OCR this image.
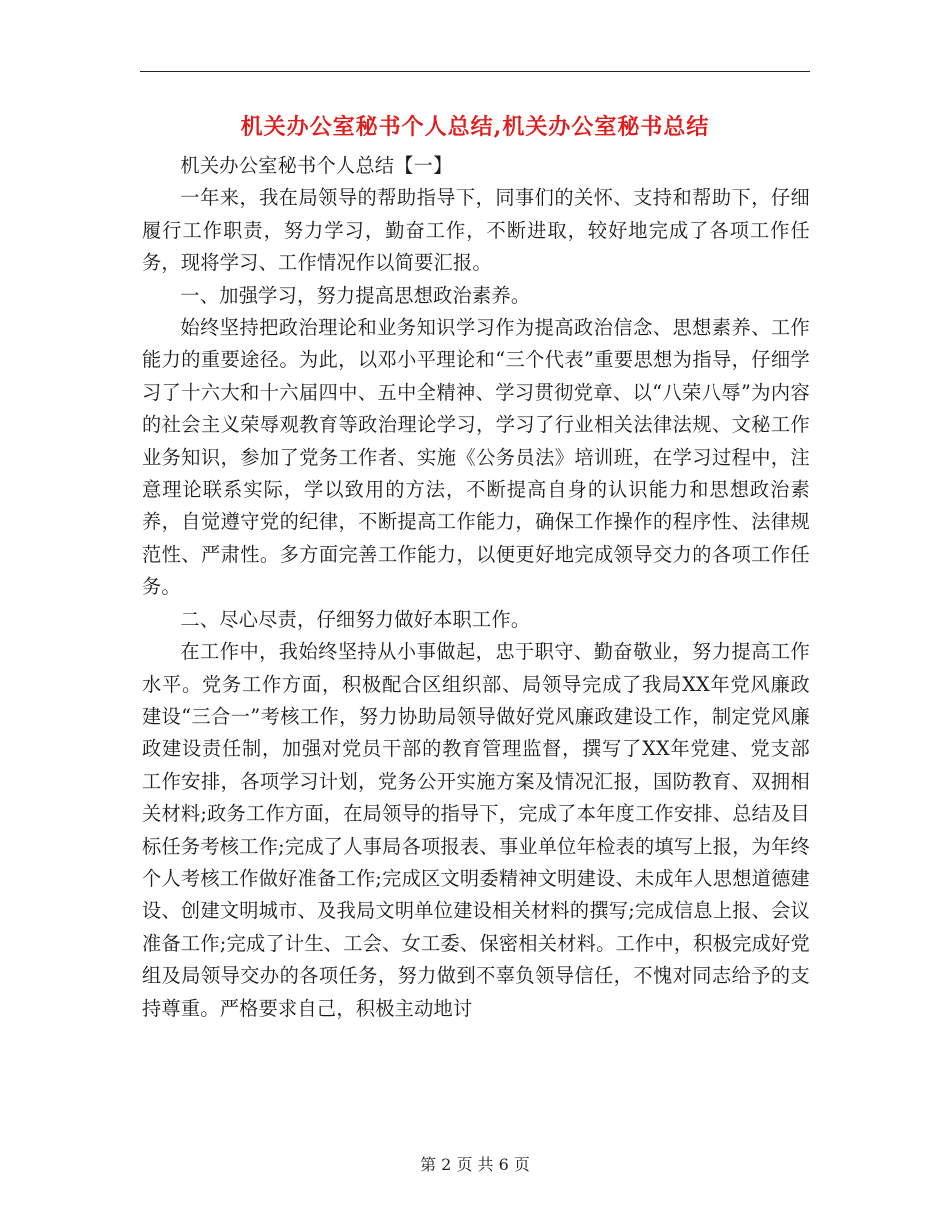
机关办公室秘书个人总结,机关办公室秘书总结

机关办公室秘书个人总结【一】

一年来，我在局领导的帮助指导下，同事们的关怀、支持和帮助下，仔细履行工作职责，努力学习，勤奋工作，不断进取，较好地完成了各项工作任务，现将学习、工作情况作以简要汇报。

一、加强学习，努力提高思想政治素养。

始终坚持把政治理论和业务知识学习作为提高政治信念、思想素养、工作能力的重要途径。为此，以邓小平理论和“三个代表”重要思想为指导，仔细学习了十六大和十六届四中、五中全精神、学习贯彻党章、以“八荣八辱”为内容的社会主义荣辱观教育等政治理论学习，学习了行业相关法律法规、文秘工作业务知识，参加了党务工作者、实施《公务员法》培训班，在学习过程中，注意理论联系实际，学以致用的方法，不断提高自身的认识能力和思想政治素养，自觉遵守党的纪律，不断提高工作能力，确保工作操作的程序性、法律规范性、严肃性。多方面完善工作能力，以便更好地完成领导交力的各项工作任务。

二、尽心尽责，仔细努力做好本职工作。

在工作中，我始终坚持从小事做起，忠于职守、勤奋敬业，努力提高工作水平。党务工作方面，积极配合区组织部、局领导完成了我局XX年党风廉政建设“三合一”考核工作，努力协助局领导做好党风廉政建设工作，制定党风廉政建设责任制，加强对党员干部的教育管理监督，撰写了XX年党建、党支部工作安排，各项学习计划，党务公开实施方案及情况汇报，国防教育、双拥相关材料;政务工作方面，在局领导的指导下，完成了本年度工作安排、总结及目标任务考核工作;完成了人事局各项报表、事业单位年检表的填写上报，为年终个人考核工作做好准备工作;完成区文明委精神文明建设、未成年人思想道德建设、创建文明城市、及我局文明单位建设相关材料的撰写;完成信息上报、会议准备工作;完成了计生、工会、女工委、保密相关材料。工作中，积极完成好党组及局领导交办的各项任务，努力做到不辜负领导信任，不愧对同志给予的支持尊重。严格要求自己，积极主动地讨

第 2 页 共 6 页
